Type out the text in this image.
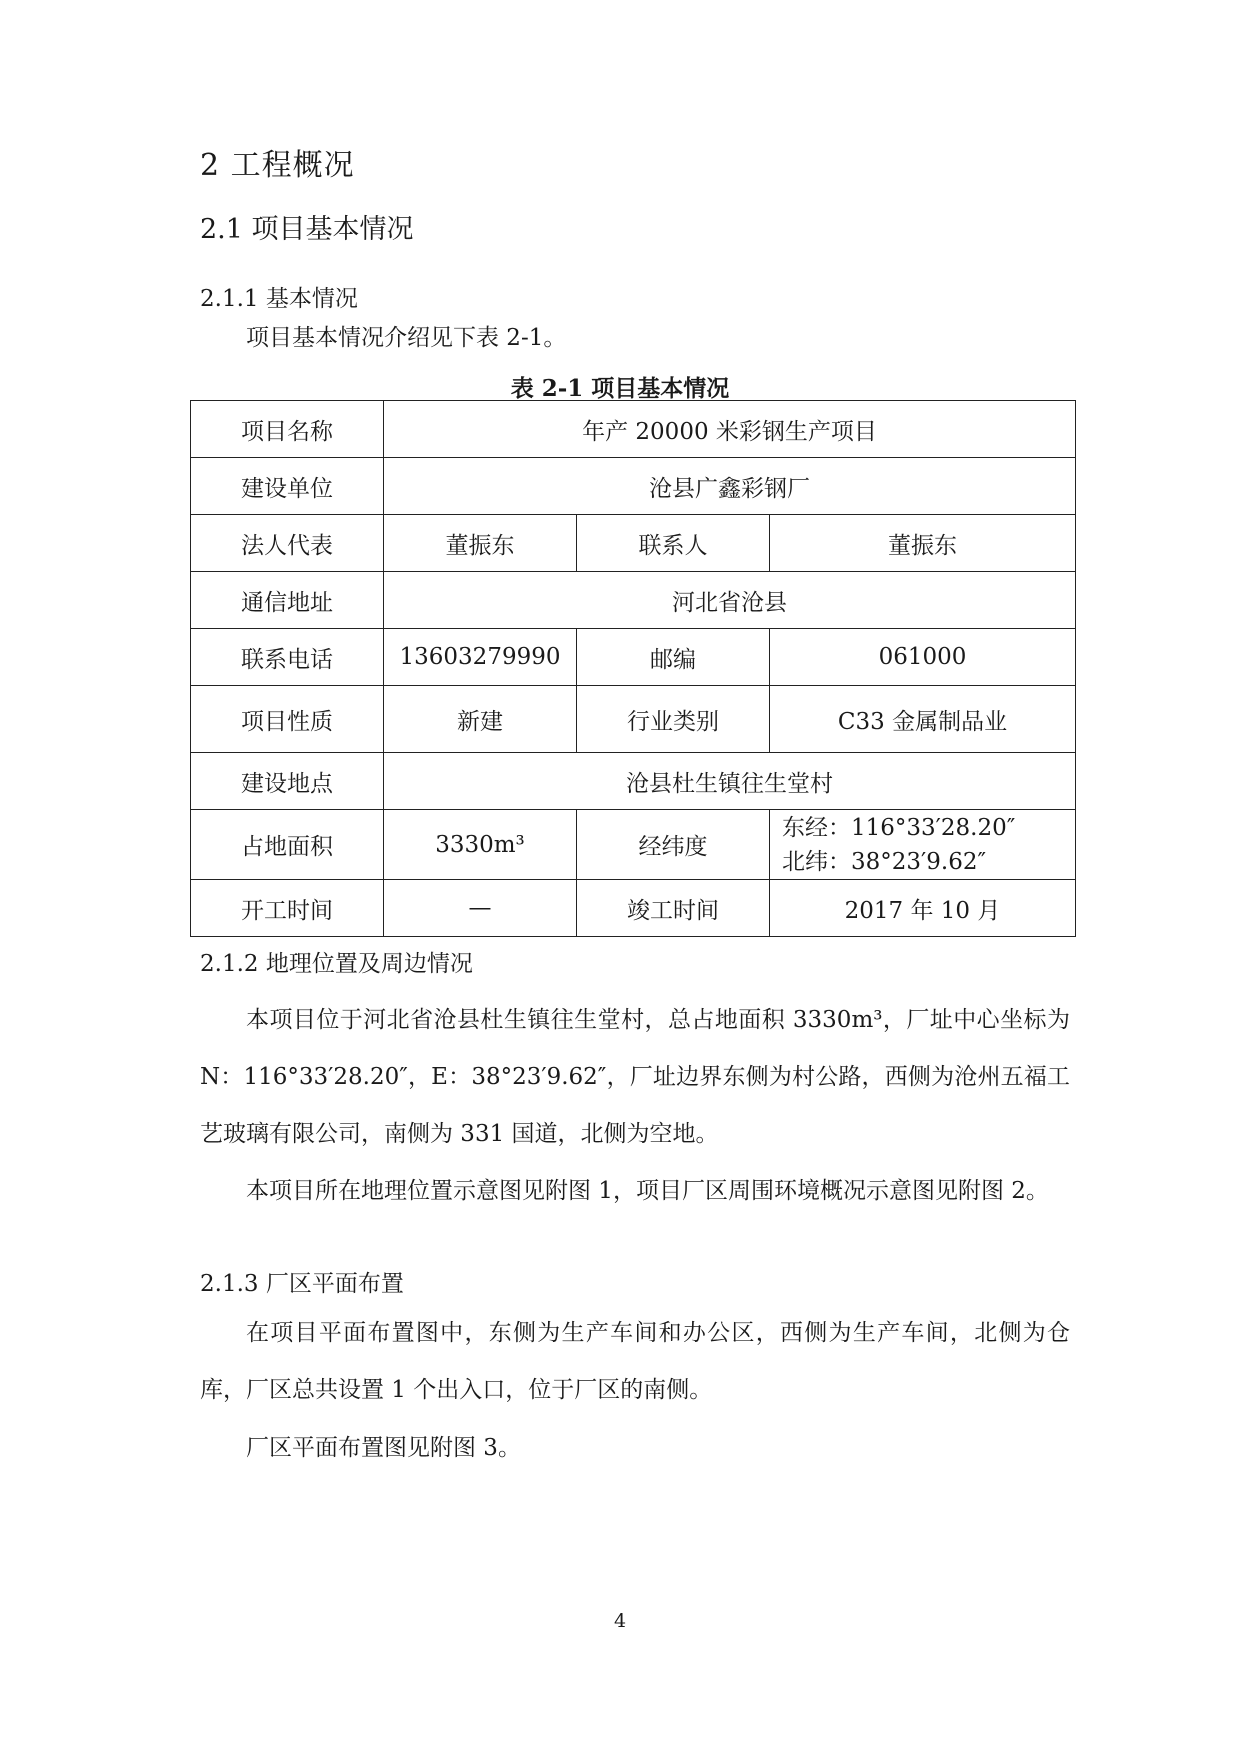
2 工程概况
2.1 项目基本情况
2.1.1 基本情况
项目基本情况介绍见下表 2-1。
表 2-1 项目基本情况
项目名称	年产 20000 米彩钢生产项目		
建设单位	沧县广鑫彩钢厂		
法人代表	董振东	联系人	董振东
通信地址	河北省沧县		
联系电话	13603279990	邮编	061000
项目性质	新建	行业类别	C33 金属制品业
建设地点	沧县杜生镇往生堂村		
占地面积	3330m³	经纬度	东经：116°33′28.20″
北纬：38°23′9.62″

开工时间	—	竣工时间	2017 年 10 月
2.1.2 地理位置及周边情况
本项目位于河北省沧县杜生镇往生堂村，总占地面积 3330m³，厂址中心坐标为 N：116°33′28.20″，E：38°23′9.62″，厂址边界东侧为村公路，西侧为沧州五福工艺玻璃有限公司，南侧为 331 国道，北侧为空地。
本项目所在地理位置示意图见附图 1，项目厂区周围环境概况示意图见附图 2。
2.1.3 厂区平面布置
在项目平面布置图中，东侧为生产车间和办公区，西侧为生产车间，北侧为仓库，厂区总共设置 1 个出入口，位于厂区的南侧。
厂区平面布置图见附图 3。
4
